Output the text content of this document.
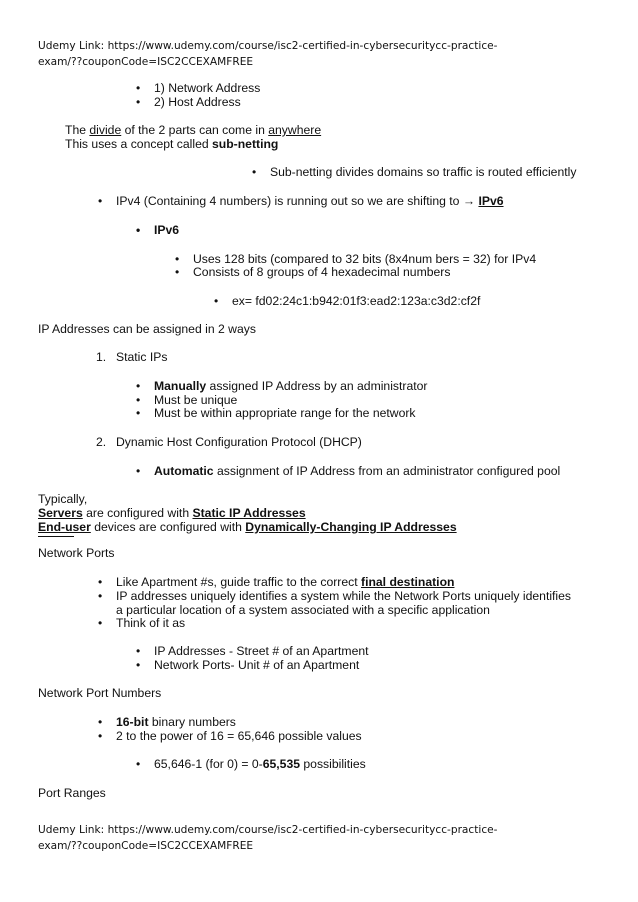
Udemy Link: https://www.udemy.com/course/isc2-certified-in-cybersecuritycc-practice-
exam/??couponCode=ISC2CCEXAMFREE
• 1) Network Address
• 2) Host Address
The divide of the 2 parts can come in anywhere
This uses a concept called sub-netting
• Sub-netting divides domains so traffic is routed efficiently
• IPv4 (Containing 4 numbers) is running out so we are shifting to → IPv6
• IPv6
• Uses 128 bits (compared to 32 bits (8x4num bers = 32) for IPv4
• Consists of 8 groups of 4 hexadecimal numbers
• ex= fd02:24c1:b942:01f3:ead2:123a:c3d2:cf2f
IP Addresses can be assigned in 2 ways
1. Static IPs
• Manually assigned IP Address by an administrator
• Must be unique
• Must be within appropriate range for the network
2. Dynamic Host Configuration Protocol (DHCP)
• Automatic assignment of IP Address from an administrator configured pool
Typically,
Servers are configured with Static IP Addresses
End-user devices are configured with Dynamically-Changing IP Addresses
Network Ports
• Like Apartment #s, guide traffic to the correct final destination
• IP addresses uniquely identifies a system while the Network Ports uniquely identifies a particular location of a system associated with a specific application
• Think of it as
• IP Addresses - Street # of an Apartment
• Network Ports- Unit # of an Apartment
Network Port Numbers
• 16-bit binary numbers
• 2 to the power of 16 = 65,646 possible values
• 65,646-1 (for 0) = 0-65,535 possibilities
Port Ranges
Udemy Link: https://www.udemy.com/course/isc2-certified-in-cybersecuritycc-practice-
exam/??couponCode=ISC2CCEXAMFREE
